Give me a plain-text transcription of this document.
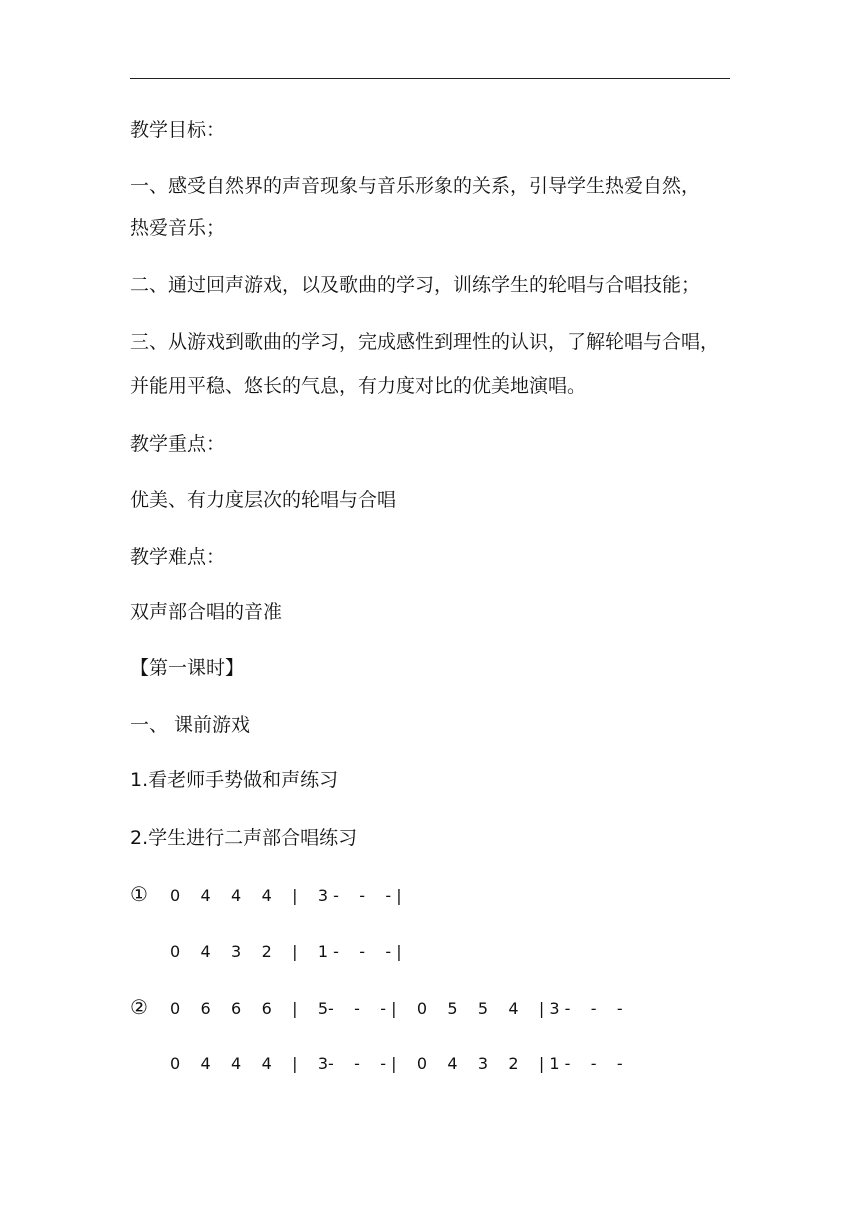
教学目标：
一、感受自然界的声音现象与音乐形象的关系，引导学生热爱自然，
热爱音乐；
二、通过回声游戏，以及歌曲的学习，训练学生的轮唱与合唱技能；
三、从游戏到歌曲的学习，完成感性到理性的认识，了解轮唱与合唱，
并能用平稳、悠长的气息，有力度对比的优美地演唱。
教学重点：
优美、有力度层次的轮唱与合唱
教学难点：
双声部合唱的音准
【第一课时】
一、 课前游戏
1.看老师手势做和声练习
2.学生进行二声部合唱练习
① 0    4    4    4    |    3 -    -    - |
0    4    3    2    |    1 -    -    - |
② 0    6    6    6    |    5-    -    - |    0    5    5    4    | 3 -    -    -
0    4    4    4    |    3-    -    - |    0    4    3    2    | 1 -    -    -
